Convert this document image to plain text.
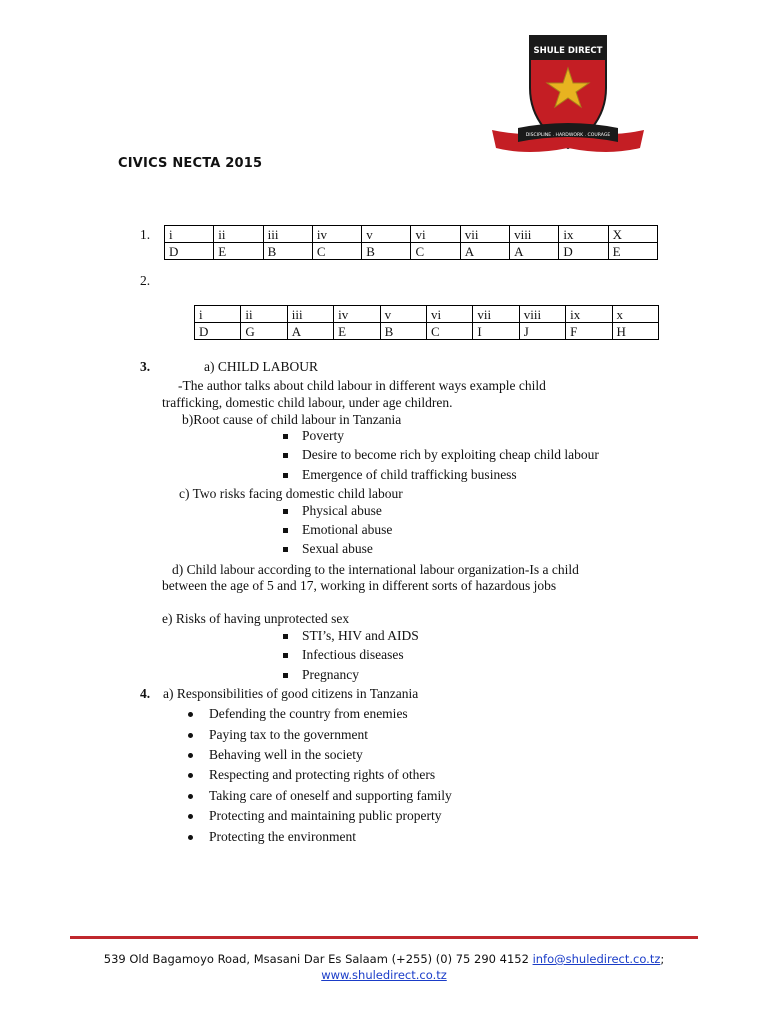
SHULE DIRECT
DISCIPLINE . HARDWORK . COURAGE
CIVICS NECTA 2015
1. i	ii	iii	iv	v	vi	vii	viii	ix	X
D	E	B	C	B	C	A	A	D	E
2.
i	ii	iii	iv	v	vi	vii	viii	ix	x
D	G	A	E	B	C	I	J	F	H
3.	a) CHILD LABOUR
-The author talks about child labour in different ways example child
trafficking, domestic child labour, under age children.
b)Root cause of child labour in Tanzania
Poverty
Desire to become rich by exploiting cheap child labour
Emergence of child trafficking business
c) Two risks facing domestic child labour
Physical abuse
Emotional abuse
Sexual abuse
d) Child labour according to the international labour organization-Is a child
between the age of 5 and 17, working in different sorts of hazardous jobs
e) Risks of having unprotected sex
STI’s, HIV and AIDS
Infectious diseases
Pregnancy
4. a) Responsibilities of good citizens in Tanzania
Defending the country from enemies
Paying tax to the government
Behaving well in the society
Respecting and protecting rights of others
Taking care of oneself and supporting family
Protecting and maintaining public property
Protecting the environment
539 Old Bagamoyo Road, Msasani Dar Es Salaam (+255) (0) 75 290 4152 info@shuledirect.co.tz;
www.shuledirect.co.tz
